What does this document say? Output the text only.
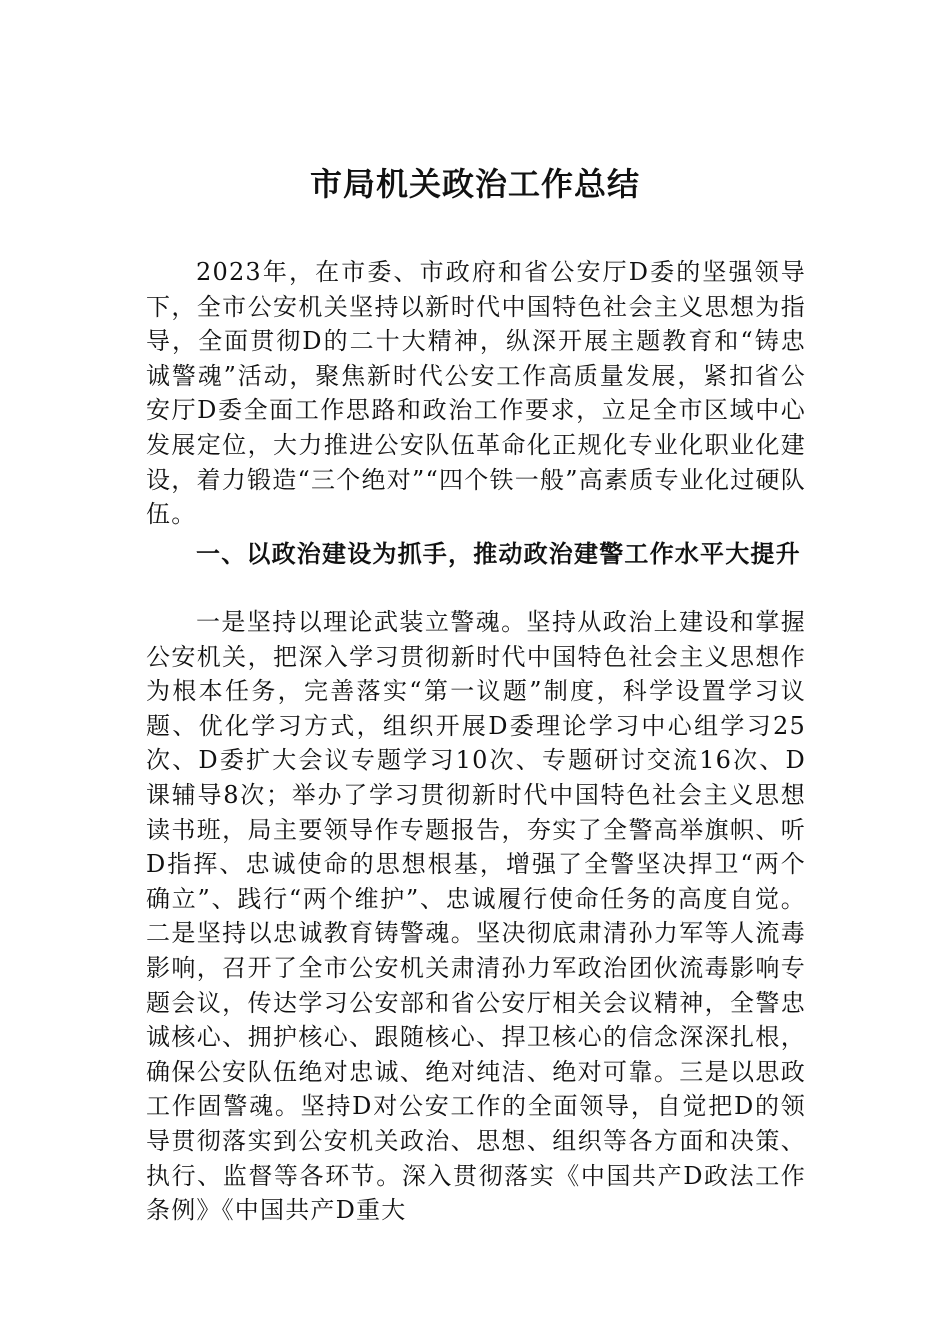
市局机关政治工作总结
2023年，在市委、市政府和省公安厅D委的坚强领导下，全市公安机关坚持以新时代中国特色社会主义思想为指导，全面贯彻D的二十大精神，纵深开展主题教育和“铸忠诚警魂”活动，聚焦新时代公安工作高质量发展，紧扣省公安厅D委全面工作思路和政治工作要求，立足全市区域中心发展定位，大力推进公安队伍革命化正规化专业化职业化建设，着力锻造“三个绝对”“四个铁一般”高素质专业化过硬队伍。
一、以政治建设为抓手，推动政治建警工作水平大提升
一是坚持以理论武装立警魂。坚持从政治上建设和掌握公安机关，把深入学习贯彻新时代中国特色社会主义思想作为根本任务，完善落实“第一议题”制度，科学设置学习议题、优化学习方式，组织开展D委理论学习中心组学习25次、D委扩大会议专题学习10次、专题研讨交流16次、D课辅导8次；举办了学习贯彻新时代中国特色社会主义思想读书班，局主要领导作专题报告，夯实了全警高举旗帜、听D指挥、忠诚使命的思想根基，增强了全警坚决捍卫“两个确立”、践行“两个维护”、忠诚履行使命任务的高度自觉。二是坚持以忠诚教育铸警魂。坚决彻底肃清孙力军等人流毒影响，召开了全市公安机关肃清孙力军政治团伙流毒影响专题会议，传达学习公安部和省公安厅相关会议精神，全警忠诚核心、拥护核心、跟随核心、捍卫核心的信念深深扎根，确保公安队伍绝对忠诚、绝对纯洁、绝对可靠。三是以思政工作固警魂。坚持D对公安工作的全面领导，自觉把D的领导贯彻落实到公安机关政治、思想、组织等各方面和决策、执行、监督等各环节。深入贯彻落实《中国共产D政法工作条例》《中国共产D重大
